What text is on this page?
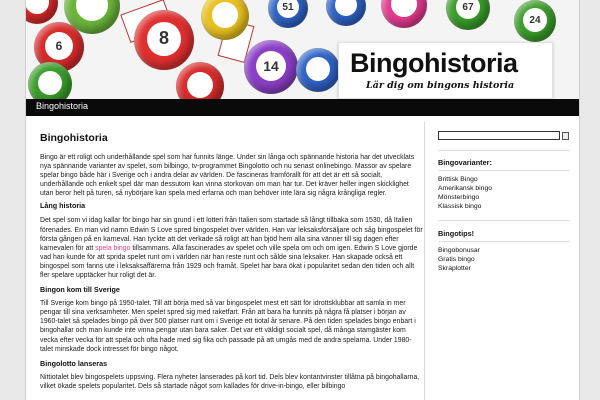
51
8
67
24
6
14	Bingohistoria
Lär dig om bingons historia
Bingohistoria
Bingohistoria

Bingo är ett roligt och underhållande spel som har funnits länge. Under sin långa och spännande historia har det utvecklats nya spännande varianter av spelet, som bilbingo, tv-programmet Bingolotto och nu senast onlinebingo. Massor av spelare spelar bingo både här i Sverige och i andra delar av världen. De fascineras framförallt för att det är ett så socialt, underhållande och enkelt spel där man dessutom kan vinna storkovan om man har tur. Det kräver heller ingen skicklighet utan beror helt på turen, så nybörjare kan spela med erfarna och man behöver inte lära sig några krångliga regler.

Lång historia

Det spel som vi idag kallar för bingo har sin grund i ett lotteri från Italien som startade så långt tillbaka som 1530, då Italien förenades. En man vid namn Edwin S Love spred bingospelet över världen. Han var leksaksförsäljare och såg bingospelet för första gången på en karneval. Han tyckte att det verkade så roligt att han bjöd hem alla sina vänner till sig dagen efter karnevalen för att spela bingo tillsammans. Alla fascinerades av spelet och ville spela om och om igen. Edwin S Love gjorde vad han kunde för att sprida spelet runt om i världen när han reste runt och sålde sina leksaker. Han skapade också ett bingospel som fanns ute i leksaksaffärerna från 1929 och framåt. Spelet har bara ökat i popularitet sedan den tiden och allt fler spelare upptäcker hur roligt det är.

Bingon kom till Sverige

Till Sverige kom bingo på 1950-talet. Till att börja med så var bingospelet mest ett sätt för idrottsklubbar att samla in mer pengar till sina verksamheter. Men spelet spred sig med raketfart. Från att bara ha funnits på några få platser i början av 1960-talet så spelades bingo på över 500 platser runt om i Sverige ett tiotal år senare. På den tiden spelades bingo enbart i bingohallar och man kunde inte vinna pengar utan bara saker. Det var ett väldigt socialt spel, då många stamgäster kom vecka efter vecka för att spela och ofta hade med sig fika och passade på att umgås med de andra spelarna. Under 1980-talet minskade dock intresset för bingo något.

Bingolotto lanseras

Nittiotalet blev bingospelets uppsving. Flera nyheter lanserades på kort tid. Dels blev kontantvinster tillåtna på bingohallarna, vilket ökade spelets popularitet. Dels så startade något som kallades för drive-in-bingo, eller bilbingo

Bingovarianter:
Brittisk Bingo
Amerikansk bingo
Mönsterbingo
Klassisk bingo
Bingotips!
Bingobonusar
Gratis bingo
Skraplotter
